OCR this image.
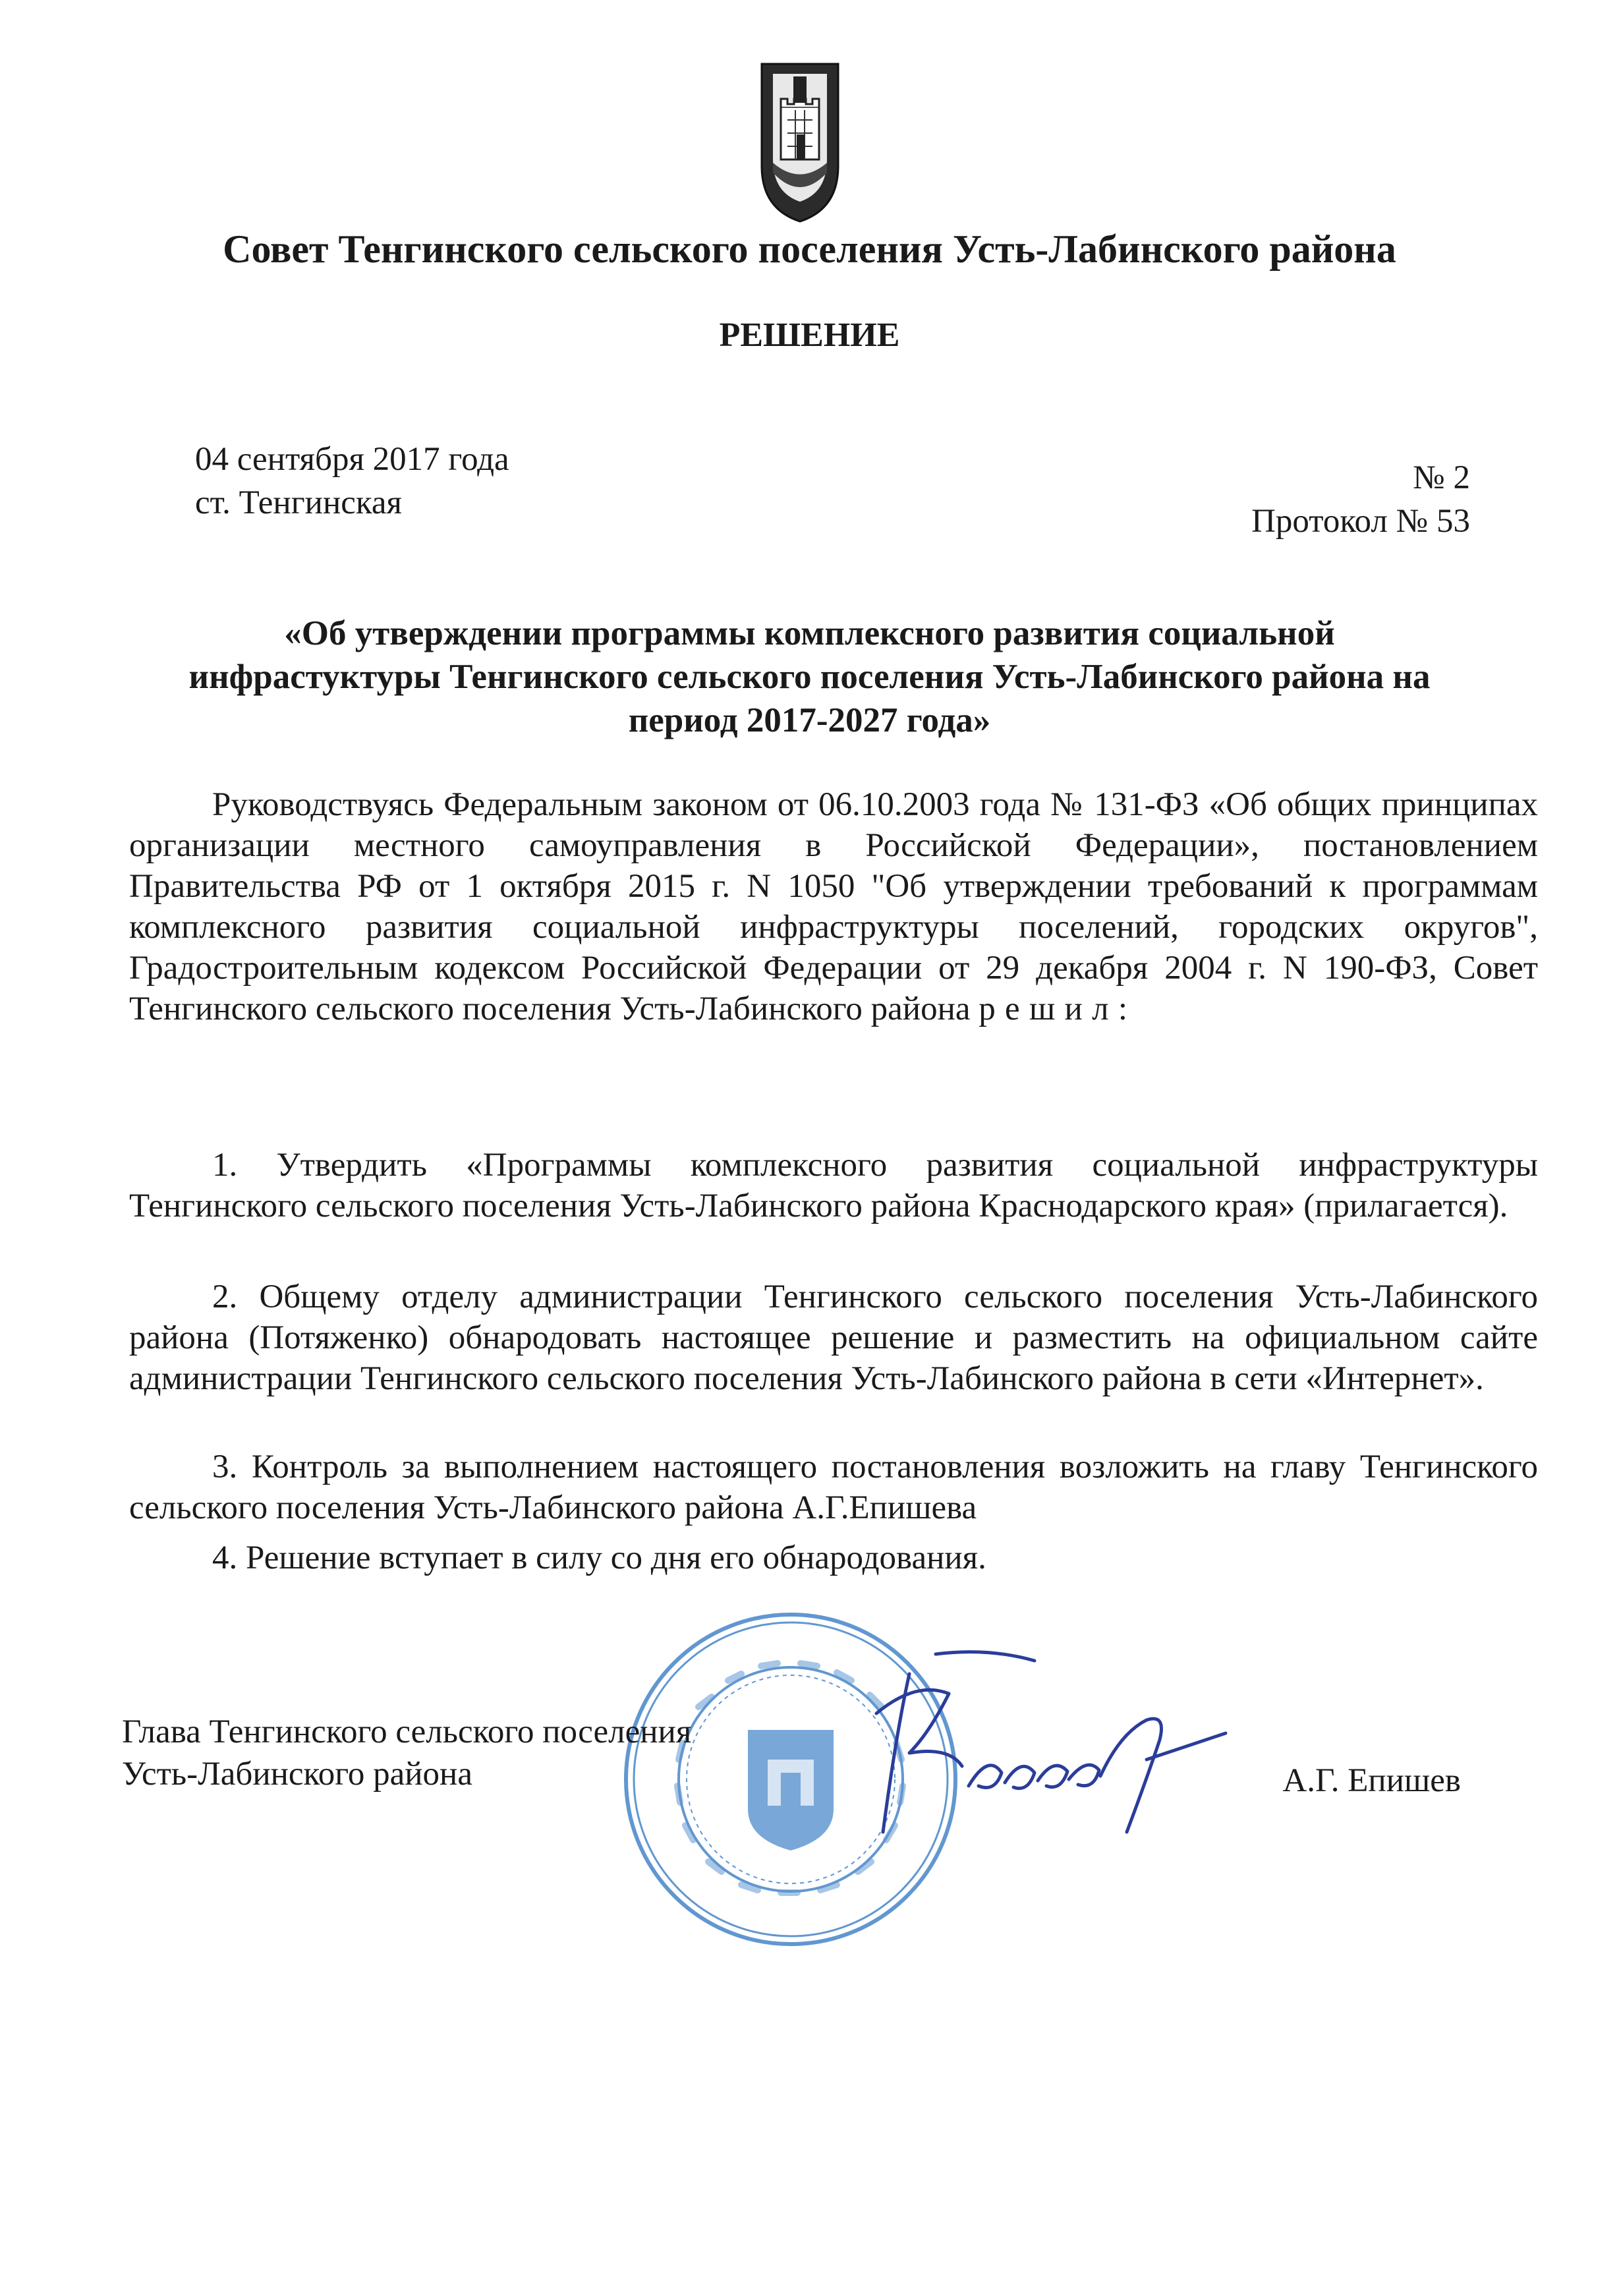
Совет Тенгинского сельского поселения Усть-Лабинского района
РЕШЕНИЕ
04 сентября 2017 года
ст. Тенгинская
№ 2
Протокол № 53
«Об утверждении программы комплексного развития социальной
инфрастуктуры Тенгинского сельского поселения Усть-Лабинского района на
период 2017-2027 года»
Руководствуясь Федеральным законом от 06.10.2003 года № 131-ФЗ «Об общих принципах организации местного самоуправления в Российской Федерации», постановлением Правительства РФ от 1 октября 2015 г. N 1050 "Об утверждении требований к программам комплексного развития социальной инфраструктуры поселений, городских округов", Градостроительным кодексом Российской Федерации от 29 декабря 2004 г. N 190-ФЗ, Совет Тенгинского сельского поселения Усть-Лабинского района решил:
1. Утвердить «Программы комплексного развития социальной инфраструктуры Тенгинского сельского поселения Усть-Лабинского района Краснодарского края» (прилагается).
2. Общему отделу администрации Тенгинского сельского поселения Усть-Лабинского района (Потяженко) обнародовать настоящее решение и разместить на официальном сайте администрации Тенгинского сельского поселения Усть-Лабинского района в сети «Интернет».
3. Контроль за выполнением настоящего постановления возложить на главу Тенгинского сельского поселения Усть-Лабинского района А.Г.Епишева
4. Решение вступает в силу со дня его обнародования.
Глава Тенгинского сельского поселения
Усть-Лабинского района	А.Г. Епишев
